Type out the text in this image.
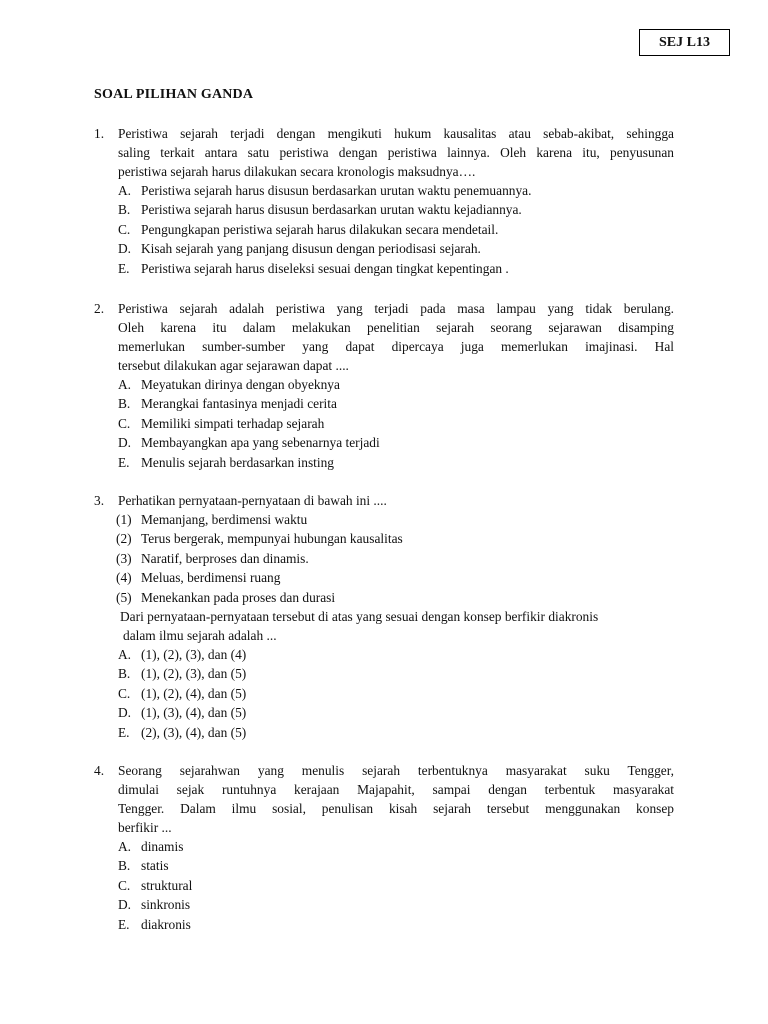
SEJ L13
SOAL PILIHAN GANDA
1. Peristiwa sejarah terjadi dengan mengikuti hukum kausalitas atau sebab-akibat, sehingga
saling terkait antara satu peristiwa dengan peristiwa lainnya. Oleh karena itu, penyusunan
peristiwa sejarah harus dilakukan secara kronologis maksudnya….
A. Peristiwa sejarah harus disusun berdasarkan urutan waktu penemuannya.
B. Peristiwa sejarah harus disusun berdasarkan urutan waktu kejadiannya.
C. Pengungkapan peristiwa sejarah harus dilakukan secara mendetail.
D. Kisah sejarah yang panjang disusun dengan periodisasi sejarah.
E. Peristiwa sejarah harus diseleksi sesuai dengan tingkat kepentingan .
2. Peristiwa sejarah adalah peristiwa yang terjadi pada masa lampau yang tidak berulang.
Oleh karena itu dalam melakukan penelitian sejarah seorang sejarawan disamping
memerlukan sumber-sumber yang dapat dipercaya juga memerlukan imajinasi. Hal
tersebut dilakukan agar sejarawan dapat ....
A. Meyatukan dirinya dengan obyeknya
B. Merangkai fantasinya menjadi cerita
C. Memiliki simpati terhadap sejarah
D. Membayangkan apa yang sebenarnya terjadi
E. Menulis sejarah berdasarkan insting
3. Perhatikan pernyataan-pernyataan di bawah ini ....
(1) Memanjang, berdimensi waktu
(2) Terus bergerak, mempunyai hubungan kausalitas
(3) Naratif, berproses dan dinamis.
(4) Meluas, berdimensi ruang
(5) Menekankan pada proses dan durasi
Dari pernyataan-pernyataan tersebut di atas yang sesuai dengan konsep berfikir diakronis
dalam ilmu sejarah adalah ...
A. (1), (2), (3), dan (4)
B. (1), (2), (3), dan (5)
C. (1), (2), (4), dan (5)
D. (1), (3), (4), dan (5)
E. (2), (3), (4), dan (5)
4. Seorang sejarahwan yang menulis sejarah terbentuknya masyarakat suku Tengger,
dimulai sejak runtuhnya kerajaan Majapahit, sampai dengan terbentuk masyarakat
Tengger. Dalam ilmu sosial, penulisan kisah sejarah tersebut menggunakan konsep
berfikir ...
A. dinamis
B. statis
C. struktural
D. sinkronis
E. diakronis
